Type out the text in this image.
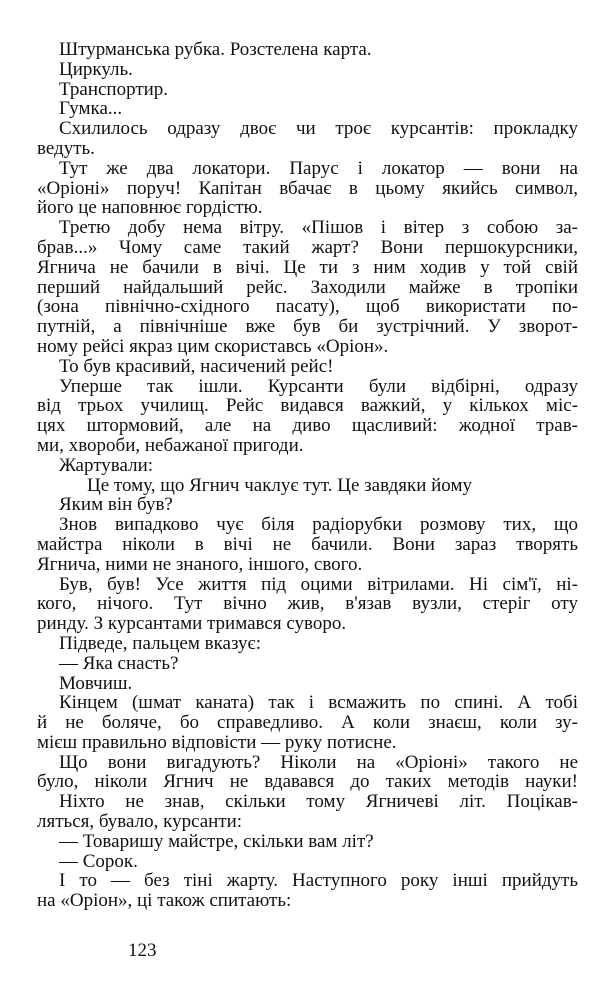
Штурманська рубка. Розстелена карта.
Циркуль.
Транспортир.
Гумка...
Схилилось одразу двоє чи троє курсантів: прокладку
ведуть.
Тут же два локатори. Парус і локатор — вони на
«Оріоні» поруч! Капітан вбачає в цьому якийсь символ,
його це наповнює гордістю.
Третю добу нема вітру. «Пішов і вітер з собою за-
брав...» Чому саме такий жарт? Вони першокурсники,
Ягнича не бачили в вічі. Це ти з ним ходив у той свій
перший найдальший рейс. Заходили майже в тропіки
(зона північно-східного пасату), щоб використати по-
путній, а північніше вже був би зустрічний. У зворот-
ному рейсі якраз цим скориставсь «Оріон».
То був красивий, насичений рейс!
Уперше так ішли. Курсанти були відбірні, одразу
від трьох училищ. Рейс видався важкий, у кількох міс-
цях штормовий, але на диво щасливий: жодної трав-
ми, хвороби, небажаної пригоди.
Жартували:
Це тому, що Ягнич чаклує тут. Це завдяки йому
Яким він був?
Знов випадково чує біля радіорубки розмову тих, що
майстра ніколи в вічі не бачили. Вони зараз творять
Ягнича, ними не знаного, іншого, свого.
Був, був! Усе життя під оцими вітрилами. Ні сім'ї, ні-
кого, нічого. Тут вічно жив, в'язав вузли, стеріг оту
ринду. З курсантами тримався суворо.
Підведе, пальцем вказує:
— Яка снасть?
Мовчиш.
Кінцем (шмат каната) так і всмажить по спині. А тобі
й не боляче, бо справедливо. А коли знаєш, коли зу-
мієш правильно відповісти — руку потисне.
Що вони вигадують? Ніколи на «Оріоні» такого не
було, ніколи Ягнич не вдавався до таких методів науки!
Ніхто не знав, скільки тому Ягничеві літ. Поцікав-
ляться, бувало, курсанти:
— Товаришу майстре, скільки вам літ?
— Сорок.
І то — без тіні жарту. Наступного року інші прийдуть
на «Оріон», ці також спитають:
123
